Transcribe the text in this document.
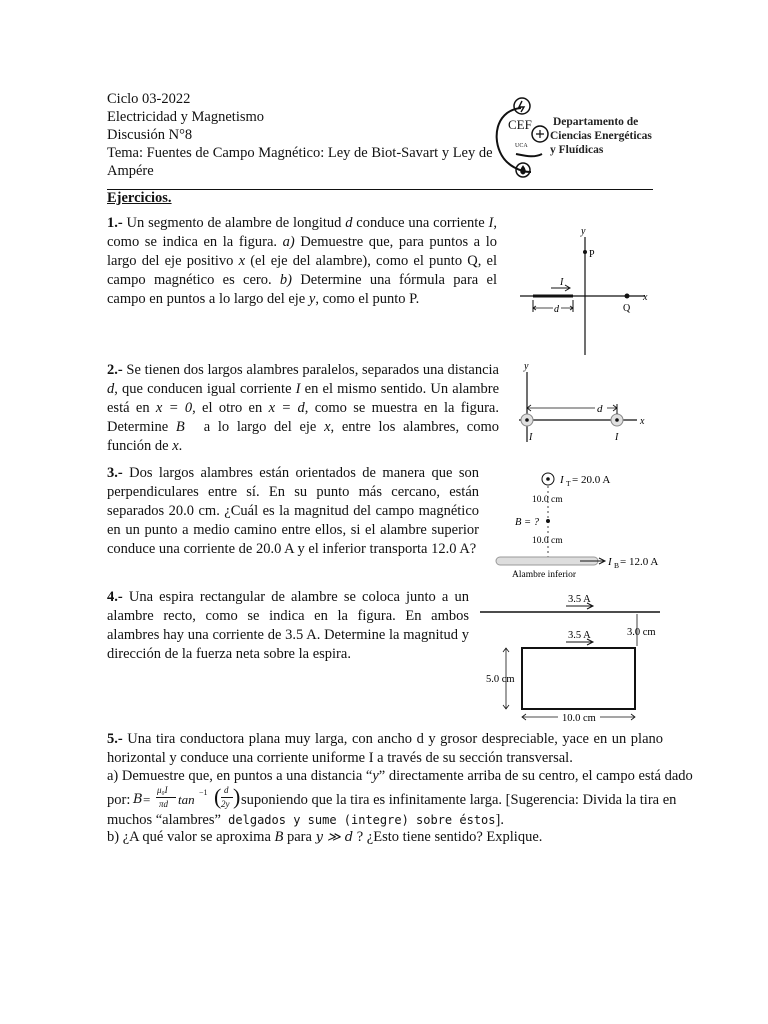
Ciclo 03-2022
Electricidad y Magnetismo
Discusión N°8
Tema: Fuentes de Campo Magnético: Ley de Biot-Savart y Ley de
Ampére
CEF
UCA
Departamento de
Ciencias Energéticas
y Fluídicas
Ejercicios.
1.- Un segmento de alambre de longitud d conduce una corriente I, como se indica en la figura. a) Demuestre que, para puntos a lo largo del eje positivo x (el eje del alambre), como el punto Q, el campo magnético es cero. b) Determine una fórmula para el campo en puntos a lo largo del eje y, como el punto P.
y
P
I
x
Q
d
2.- Se tienen dos largos alambres paralelos, separados una distancia d, que conducen igual corriente I en el mismo sentido. Un alambre está en x = 0, el otro en x = d, como se muestra en la figura. Determine B⃗ a lo largo del eje x, entre los alambres, como función de x.
y
d
x
I	I
3.- Dos largos alambres están orientados de manera que son perpendiculares entre sí. En su punto más cercano, están separados 20.0 cm. ¿Cuál es la magnitud del campo magnético en un punto a medio camino entre ellos, si el alambre superior conduce una corriente de 20.0 A y el inferior transporta 12.0 A?
I T = 20.0 A
10.0 cm
B = ?
10.0 cm
I B = 12.0 A
Alambre inferior
4.- Una espira rectangular de alambre se coloca junto a un alambre recto, como se indica en la figura. En ambos alambres hay una corriente de 3.5 A. Determine la magnitud y dirección de la fuerza neta sobre la espira.
3.5 A
3.5 A	3.0 cm
5.0 cm
10.0 cm
5.- Una tira conductora plana muy larga, con ancho d y grosor despreciable, yace en un plano horizontal y conduce una corriente uniforme I a través de su sección transversal.
a) Demuestre que, en puntos a una distancia “y” directamente arriba de su centro, el campo está dado
por: B =
μ₀I
πd tan −1 ( d
2y ) suponiendo que la tira es infinitamente larga. [Sugerencia: Divida la tira en
muchos “alambres” delgados y sume (integre) sobre éstos].
b) ¿A qué valor se aproxima B para y ≫ d ? ¿Esto tiene sentido? Explique.
